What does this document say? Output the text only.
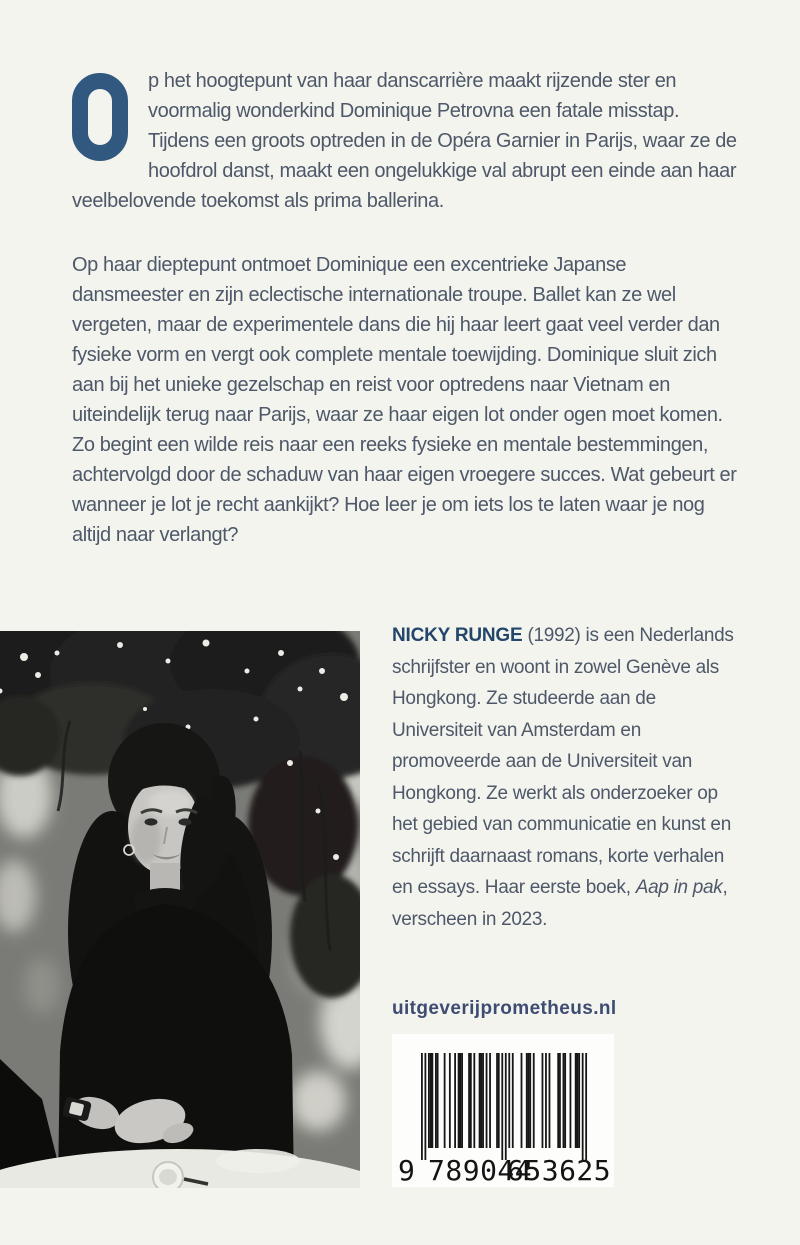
p het hoogtepunt van haar danscarrière maakt rijzende ster en voormalig wonderkind Dominique Petrovna een fatale misstap. Tijdens een groots optreden in de Opéra Garnier in Parijs, waar ze de hoofdrol danst, maakt een ongelukkige val abrupt een einde aan haar veelbelovende toekomst als prima ballerina.

Op haar dieptepunt ontmoet Dominique een excentrieke Japanse dansmeester en zijn eclectische internationale troupe. Ballet kan ze wel vergeten, maar de experimentele dans die hij haar leert gaat veel verder dan fysieke vorm en vergt ook complete mentale toewijding. Dominique sluit zich aan bij het unieke gezelschap en reist voor optredens naar Vietnam en uiteindelijk terug naar Parijs, waar ze haar eigen lot onder ogen moet komen. Zo begint een wilde reis naar een reeks fysieke en mentale bestemmingen, achtervolgd door de schaduw van haar eigen vroegere succes. Wat gebeurt er wanneer je lot je recht aankijkt? Hoe leer je om iets los te laten waar je nog altijd naar verlangt?

NICKY RUNGE (1992) is een Nederlands schrijfster en woont in zowel Genève als Hongkong. Ze studeerde aan de Universiteit van Amsterdam en promoveerde aan de Universiteit van Hongkong. Ze werkt als onderzoeker op het gebied van communicatie en kunst en schrijft daarnaast romans, korte verhalen en essays. Haar eerste boek, Aap in pak, verscheen in 2023.
uitgeverijprometheus.nl
9 789044
653625
